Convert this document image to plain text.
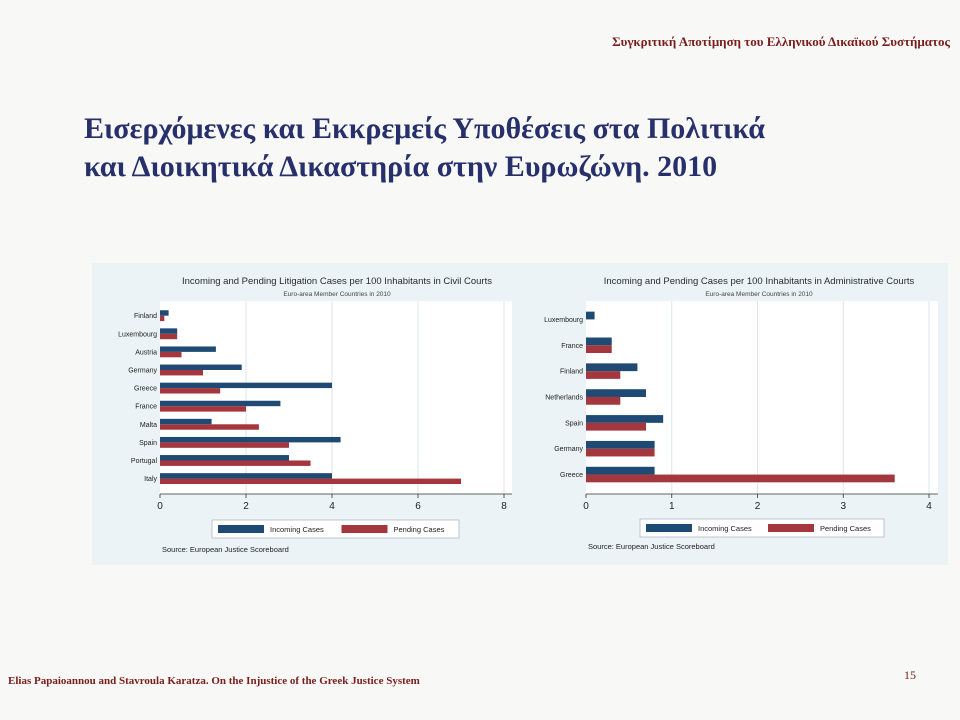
Συγκριτική Αποτίμηση του Ελληνικού Δικαϊκού Συστήματος
Εισερχόμενες και Εκκρεμείς Υποθέσεις στα Πολιτικά
και Διοικητικά Δικαστηρία στην Ευρωζώνη. 2010
Incoming and Pending Litigation Cases per 100 Inhabitants in Civil Courts
Euro-area Member Countries in 2010
0	2	4	6	8
Finland
Luxembourg
Austria
Germany
Greece
France
Malta
Spain
Portugal
Italy
Incoming Cases	Pending Cases
Source: European Justice Scoreboard
Incoming and Pending Cases per 100 Inhabitants in Administrative Courts
Euro-area Member Countries in 2010
0	1	2	3	4
Luxembourg
France
Finland
Netherlands
Spain
Germany
Greece
Incoming Cases	Pending Cases
Source: European Justice Scoreboard
Elias Papaioannou and Stavroula Karatza. On the Injustice of the Greek Justice System	15
